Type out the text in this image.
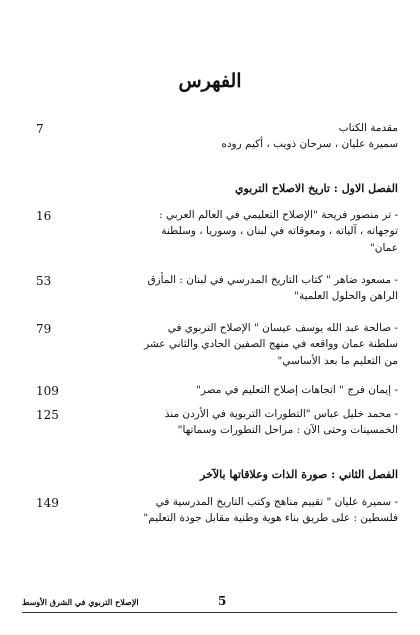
الفهرس
مقدمة الكتاب
سميرة عليان ، سرحان ذويب ، أكيم روده
7
الفصل الاول : تاريخ الاصلاح التربوي
- تر منصور فريحة "الإصلاح التعليمي في العالم العربي :
توجهاته ، آلياته ، ومعوقاته في لبنان ، وسوريا ، وسلطنة
عمان"
16
- مسعود ضاهر " كتاب التاريخ المدرسي في لبنان : المأزق
الراهن والحلول العلمية"
53
- صالحة عبد الله يوسف عيسان " الإصلاح التربوي في
سلطنة عمان وواقعه في منهج الصفين الحادي والثاني عشر
من التعليم ما بعد الأساسي"
79
- إيمان فرج " اتجاهات إصلاح التعليم في مصر"
109
- محمد خليل عباس "التطورات التربوية في الأردن منذ
الخمسينات وحتى الآن : مراحل التطورات وسماتها"
125
الفصل الثاني : صورة الذات وعلاقاتها بالآخر
- سميرة عليان " تقييم مناهج وكتب التاريخ المدرسية في
فلسطين : على طريق بناء هوية وطنية مقابل جودة التعليم"
149
الإصلاح التربوي في الشرق الأوسط	5
